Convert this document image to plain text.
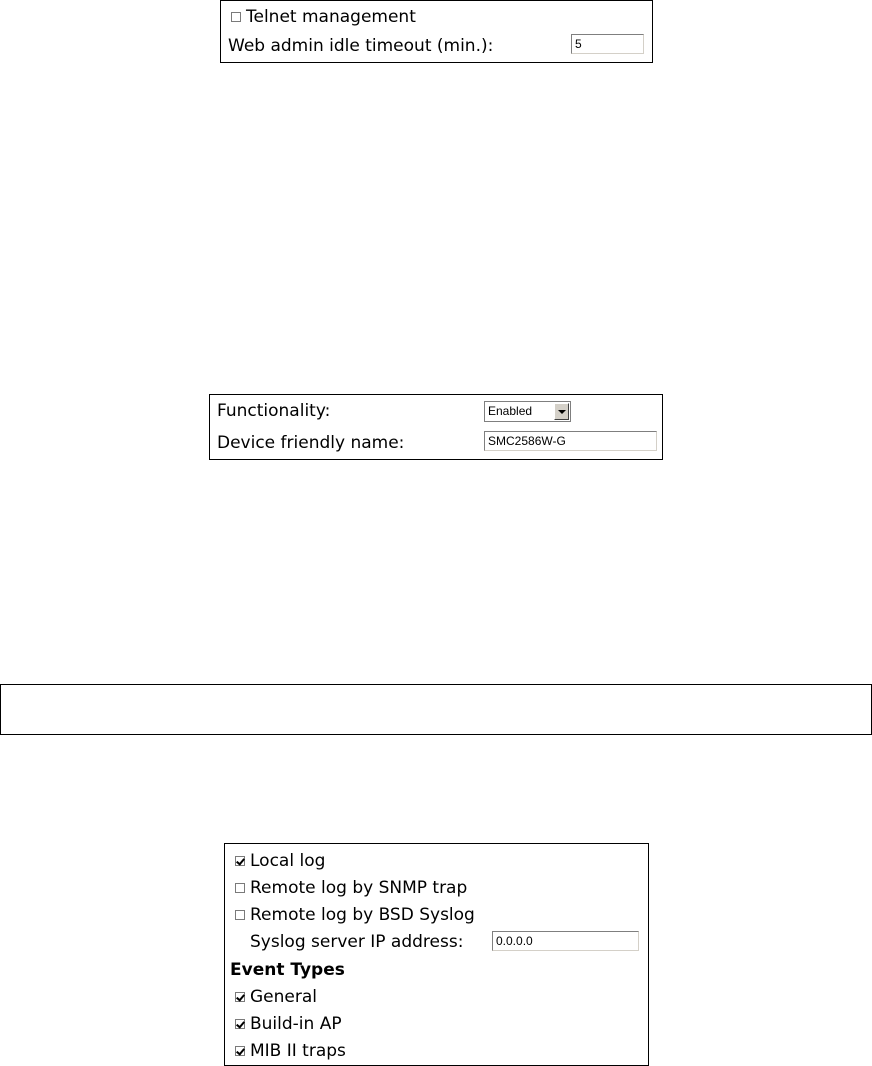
Telnet management
Web admin idle timeout (min.):	5
Functionality:	Enabled
Device friendly name:	SMC2586W-G
Local log
Remote log by SNMP trap
Remote log by BSD Syslog
Syslog server IP address:	0.0.0.0
Event Types
General
Build-in AP
MIB II traps
